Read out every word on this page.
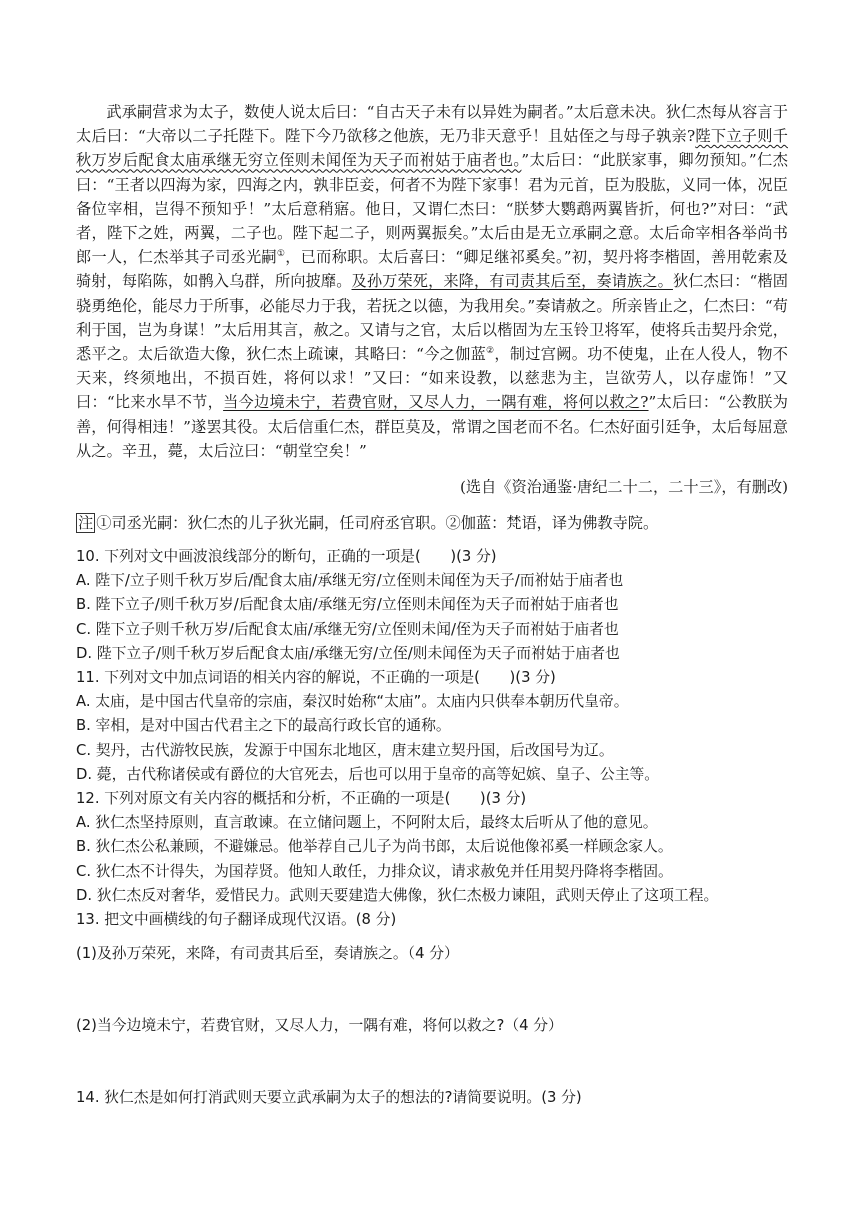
武承嗣营求为太子，数使人说太后曰：“自古天子未有以异姓为嗣者。”太后意未决。狄仁杰每从容言于太后曰：“大帝以二子托陛下。陛下今乃欲移之他族，无乃非天意乎！且姑侄之与母子孰亲?陛下立子则千秋万岁后配食太庙承继无穷立侄则未闻侄为天子而祔姑于庙者也。”太后曰：“此朕家事，卿勿预知。”仁杰曰：“王者以四海为家，四海之内，孰非臣妾，何者不为陛下家事！君为元首，臣为股肱，义同一体，况臣备位宰相，岂得不预知乎！”太后意稍寤。他日，又谓仁杰曰：“朕梦大鹦鹉两翼皆折，何也?”对曰：“武者，陛下之姓，两翼，二子也。陛下起二子，则两翼振矣。”太后由是无立承嗣之意。太后命宰相各举尚书郎一人，仁杰举其子司丞光嗣①，已而称职。太后喜曰：“卿足继祁奚矣。”初，契丹将李楷固，善用乾索及骑射，每陷陈，如鹘入乌群，所向披靡。及孙万荣死，来降，有司责其后至，奏请族之。狄仁杰曰：“楷固骁勇绝伦，能尽力于所事，必能尽力于我，若抚之以德，为我用矣。”奏请赦之。所亲皆止之，仁杰曰：“苟利于国，岂为身谋！”太后用其言，赦之。又请与之官，太后以楷固为左玉铃卫将军，使将兵击契丹余党，悉平之。太后欲造大像，狄仁杰上疏谏，其略曰：“今之伽蓝②，制过宫阙。功不使鬼，止在人役人，物不天来，终须地出，不损百姓，将何以求！”又曰：“如来设教，以慈悲为主，岂欲劳人，以存虚饰！”又曰：“比来水旱不节，当今边境未宁，若费官财，又尽人力，一隅有难，将何以救之?”太后曰：“公教朕为善，何得相违！”遂罢其役。太后信重仁杰，群臣莫及，常谓之国老而不名。仁杰好面引廷争，太后每屈意从之。辛丑，薨，太后泣曰：“朝堂空矣！”

(选自《资治通鉴·唐纪二十二，二十三》，有删改)
注 ①司丞光嗣：狄仁杰的儿子狄光嗣，任司府丞官职。②伽蓝：梵语，译为佛教寺院。

10. 下列对文中画波浪线部分的断句，正确的一项是(　　)(3 分)

A. 陛下/立子则千秋万岁后/配食太庙/承继无穷/立侄则未闻侄为天子/而祔姑于庙者也

B. 陛下立子/则千秋万岁/后配食太庙/承继无穷/立侄则未闻侄为天子而祔姑于庙者也

C. 陛下立子则千秋万岁/后配食太庙/承继无穷/立侄则未闻/侄为天子而祔姑于庙者也

D. 陛下立子/则千秋万岁后配食太庙/承继无穷/立侄/则未闻侄为天子而祔姑于庙者也

11. 下列对文中加点词语的相关内容的解说，不正确的一项是(　　)(3 分)

A. 太庙，是中国古代皇帝的宗庙，秦汉时始称“太庙”。太庙内只供奉本朝历代皇帝。

B. 宰相，是对中国古代君主之下的最高行政长官的通称。

C. 契丹，古代游牧民族，发源于中国东北地区，唐末建立契丹国，后改国号为辽。

D. 薨，古代称诸侯或有爵位的大官死去，后也可以用于皇帝的高等妃嫔、皇子、公主等。

12. 下列对原文有关内容的概括和分析，不正确的一项是(　　)(3 分)

A. 狄仁杰坚持原则，直言敢谏。在立储问题上，不阿附太后，最终太后听从了他的意见。

B. 狄仁杰公私兼顾，不避嫌忌。他举荐自己儿子为尚书郎，太后说他像祁奚一样顾念家人。

C. 狄仁杰不计得失，为国荐贤。他知人敢任，力排众议，请求赦免并任用契丹降将李楷固。

D. 狄仁杰反对奢华，爱惜民力。武则天要建造大佛像，狄仁杰极力谏阻，武则天停止了这项工程。

13. 把文中画横线的句子翻译成现代汉语。(8 分)

(1)及孙万荣死，来降，有司责其后至，奏请族之。（4 分）

(2)当今边境未宁，若费官财，又尽人力，一隅有难，将何以救之?（4 分）

14. 狄仁杰是如何打消武则天要立武承嗣为太子的想法的?请简要说明。(3 分)
